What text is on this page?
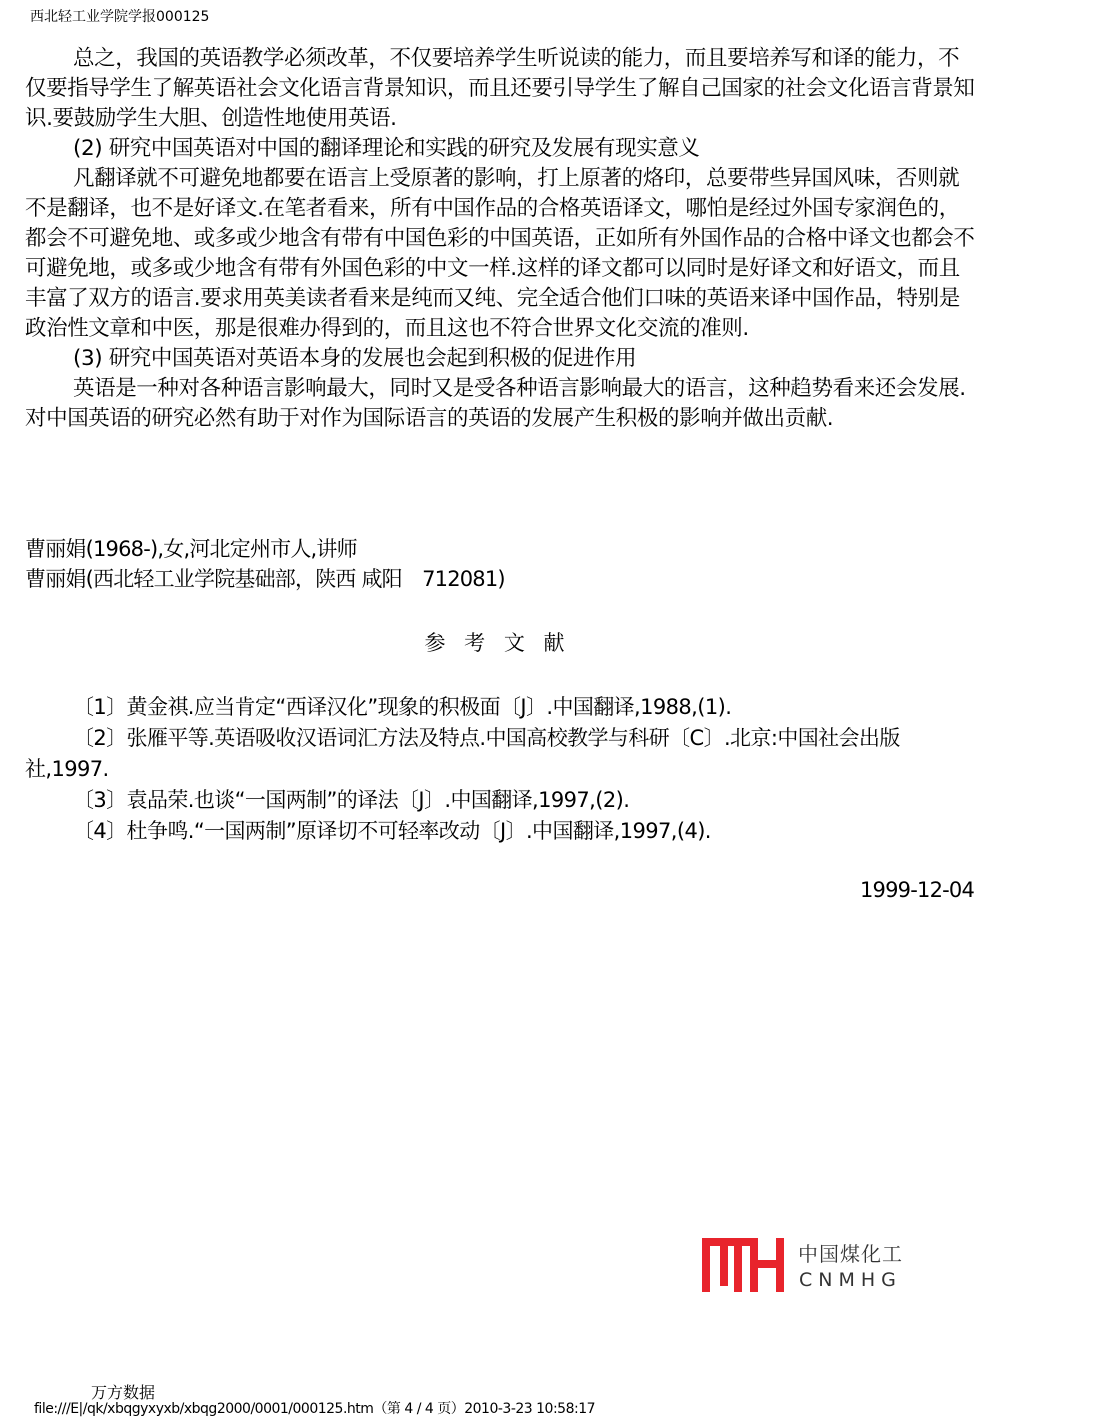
西北轻工业学院学报000125

总之，我国的英语教学必须改革，不仅要培养学生听说读的能力，而且要培养写和译的能力，不仅要指导学生了解英语社会文化语言背景知识，而且还要引导学生了解自己国家的社会文化语言背景知识.要鼓励学生大胆、创造性地使用英语.

(2) 研究中国英语对中国的翻译理论和实践的研究及发展有现实意义

凡翻译就不可避免地都要在语言上受原著的影响，打上原著的烙印，总要带些异国风味，否则就不是翻译，也不是好译文.在笔者看来，所有中国作品的合格英语译文，哪怕是经过外国专家润色的，都会不可避免地、或多或少地含有带有中国色彩的中国英语，正如所有外国作品的合格中译文也都会不可避免地，或多或少地含有带有外国色彩的中文一样.这样的译文都可以同时是好译文和好语文，而且丰富了双方的语言.要求用英美读者看来是纯而又纯、完全适合他们口味的英语来译中国作品，特别是政治性文章和中医，那是很难办得到的，而且这也不符合世界文化交流的准则.

(3) 研究中国英语对英语本身的发展也会起到积极的促进作用

英语是一种对各种语言影响最大，同时又是受各种语言影响最大的语言，这种趋势看来还会发展.对中国英语的研究必然有助于对作为国际语言的英语的发展产生积极的影响并做出贡献.

曹丽娟(1968-),女,河北定州市人,讲师

曹丽娟(西北轻工业学院基础部，陕西 咸阳　712081)

参 考 文 献

〔1〕黄金祺.应当肯定“西译汉化”现象的积极面〔J〕.中国翻译,1988,(1).

〔2〕张雁平等.英语吸收汉语词汇方法及特点.中国高校教学与科研〔C〕.北京:中国社会出版社,1997.

〔3〕袁品荣.也谈“一国两制”的译法〔J〕.中国翻译,1997,(2).

〔4〕杜争鸣.“一国两制”原译切不可轻率改动〔J〕.中国翻译,1997,(4).

1999-12-04
中国煤化工
CNMHG
万方数据
file:///E|/qk/xbqgyxyxb/xbqg2000/0001/000125.htm（第 4 / 4 页）2010-3-23 10:58:17
